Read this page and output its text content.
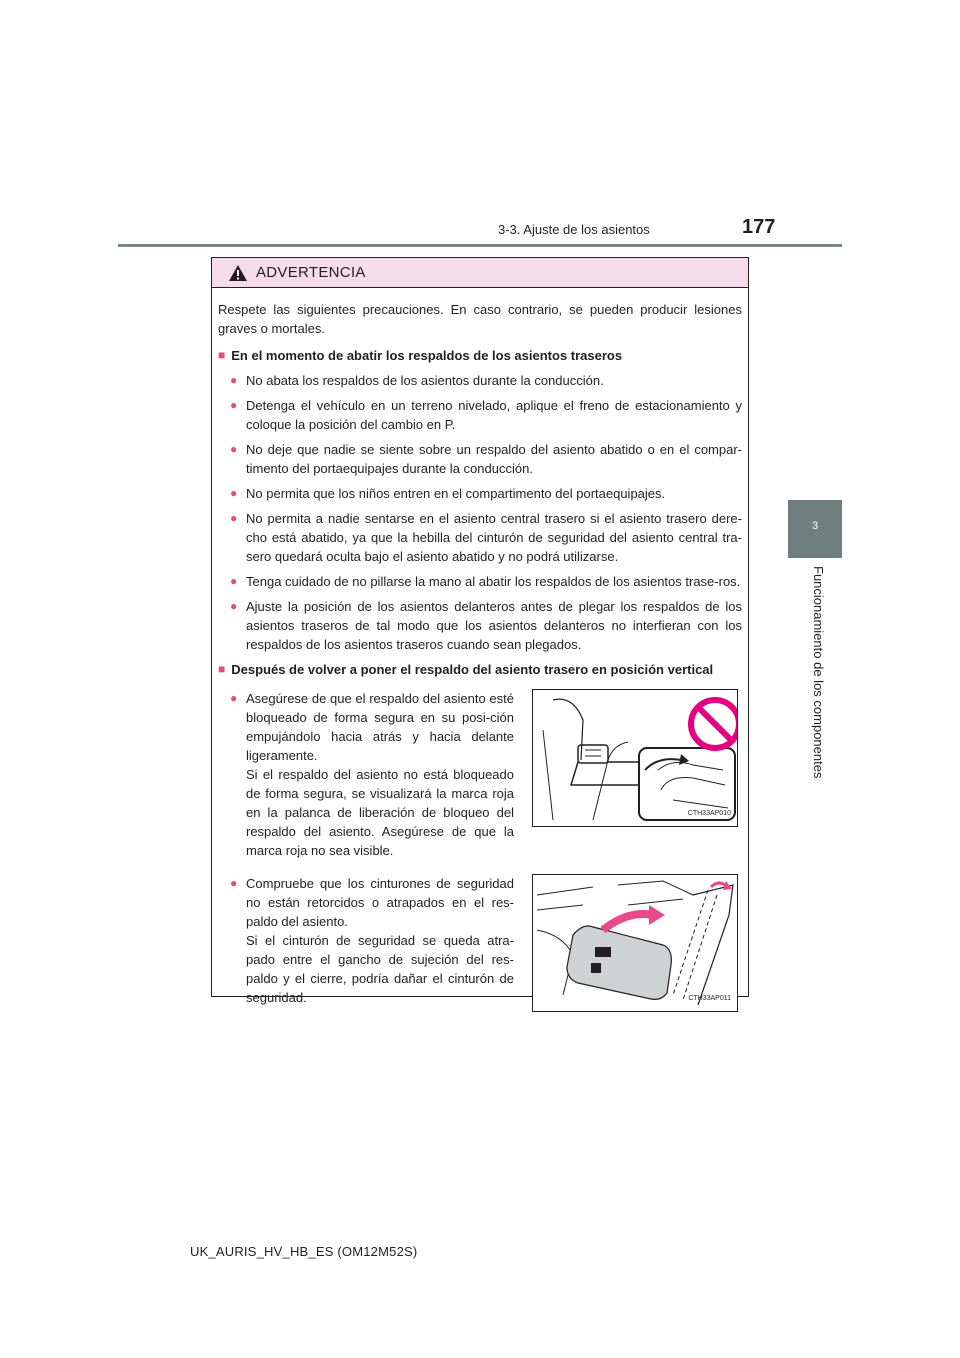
3-3. Ajuste de los asientos	177
3
Funcionamiento de los componentes
ADVERTENCIA

Respete las siguientes precauciones. En caso contrario, se pueden producir lesiones graves o mortales.

■ En el momento de abatir los respaldos de los asientos traseros
● No abata los respaldos de los asientos durante la conducción.
● Detenga el vehículo en un terreno nivelado, aplique el freno de estacionamiento y coloque la posición del cambio en P.
● No deje que nadie se siente sobre un respaldo del asiento abatido o en el compar-timento del portaequipajes durante la conducción.
● No permita que los niños entren en el compartimento del portaequipajes.
● No permita a nadie sentarse en el asiento central trasero si el asiento trasero dere-cho está abatido, ya que la hebilla del cinturón de seguridad del asiento central tra-sero quedará oculta bajo el asiento abatido y no podrá utilizarse.
● Tenga cuidado de no pillarse la mano al abatir los respaldos de los asientos trase-ros.
● Ajuste la posición de los asientos delanteros antes de plegar los respaldos de los asientos traseros de tal modo que los asientos delanteros no interfieran con los respaldos de los asientos traseros cuando sean plegados.
■ Después de volver a poner el respaldo del asiento trasero en posición vertical
● Asegúrese de que el respaldo del asiento esté bloqueado de forma segura en su posi-ción empujándolo hacia atrás y hacia delante ligeramente.
Si el respaldo del asiento no está bloqueado de forma segura, se visualizará la marca roja en la palanca de liberación de bloqueo del respaldo del asiento. Asegúrese de que la marca roja no sea visible.
CTH33AP010
● Compruebe que los cinturones de seguridad no están retorcidos o atrapados en el res-paldo del asiento.
Si el cinturón de seguridad se queda atra-pado entre el gancho de sujeción del res-paldo y el cierre, podría dañar el cinturón de seguridad.	CTH33AP011
UK_AURIS_HV_HB_ES (OM12M52S)
